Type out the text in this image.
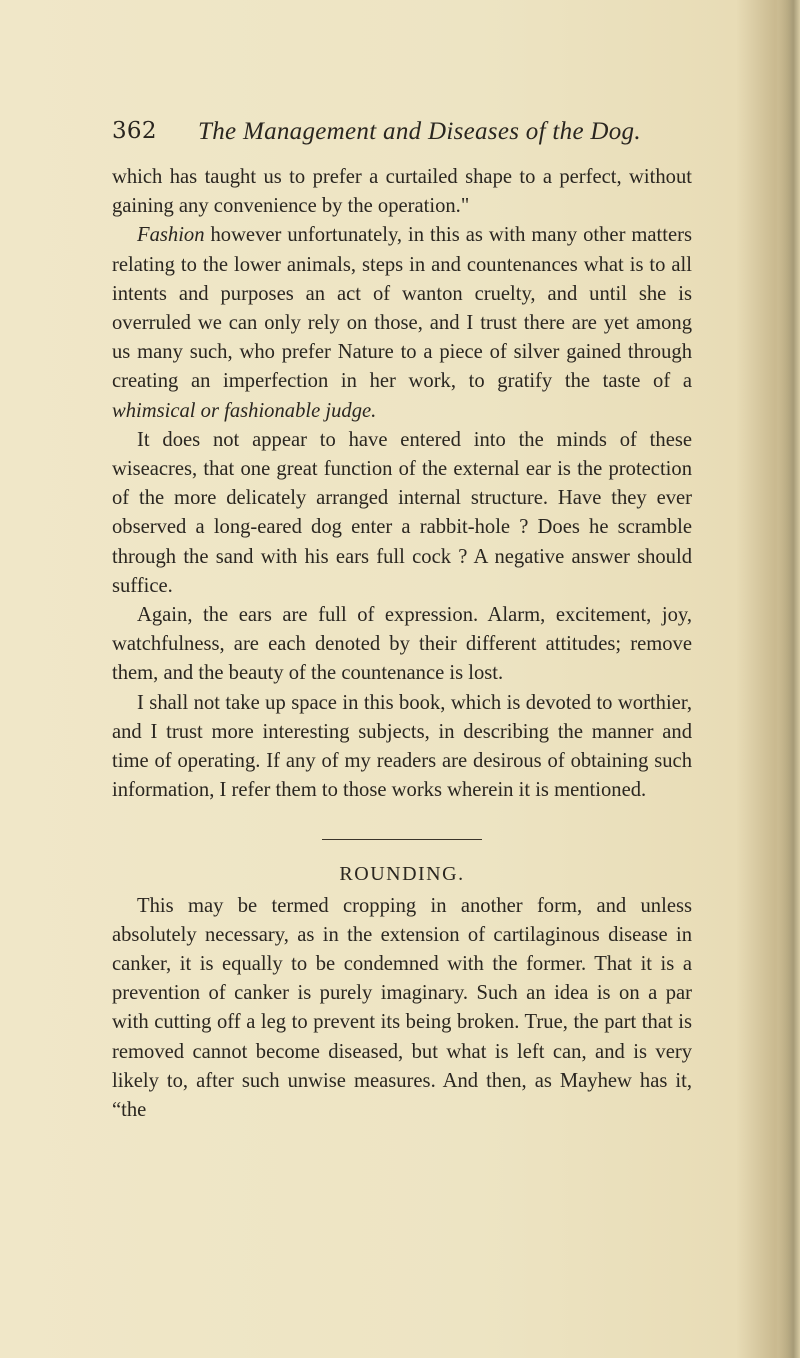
362 The Management and Diseases of the Dog.

which has taught us to prefer a curtailed shape to a perfect, without gaining any convenience by the operation."

Fashion however unfortunately, in this as with many other matters relating to the lower animals, steps in and countenances what is to all intents and purposes an act of wanton cruelty, and until she is overruled we can only rely on those, and I trust there are yet among us many such, who prefer Nature to a piece of silver gained through creating an imperfection in her work, to gratify the taste of a whimsical or fashionable judge.

It does not appear to have entered into the minds of these wiseacres, that one great function of the external ear is the protection of the more delicately arranged internal structure. Have they ever observed a long-eared dog enter a rabbit-hole ? Does he scramble through the sand with his ears full cock ? A negative answer should suffice.

Again, the ears are full of expression. Alarm, excitement, joy, watchfulness, are each denoted by their different attitudes; remove them, and the beauty of the countenance is lost.

I shall not take up space in this book, which is devoted to worthier, and I trust more interesting subjects, in describing the manner and time of operating. If any of my readers are desirous of obtaining such information, I refer them to those works wherein it is mentioned.

ROUNDING.

This may be termed cropping in another form, and unless absolutely necessary, as in the extension of cartilaginous disease in canker, it is equally to be condemned with the former. That it is a prevention of canker is purely imaginary. Such an idea is on a par with cutting off a leg to prevent its being broken. True, the part that is removed cannot become diseased, but what is left can, and is very likely to, after such unwise measures. And then, as Mayhew has it, “the
